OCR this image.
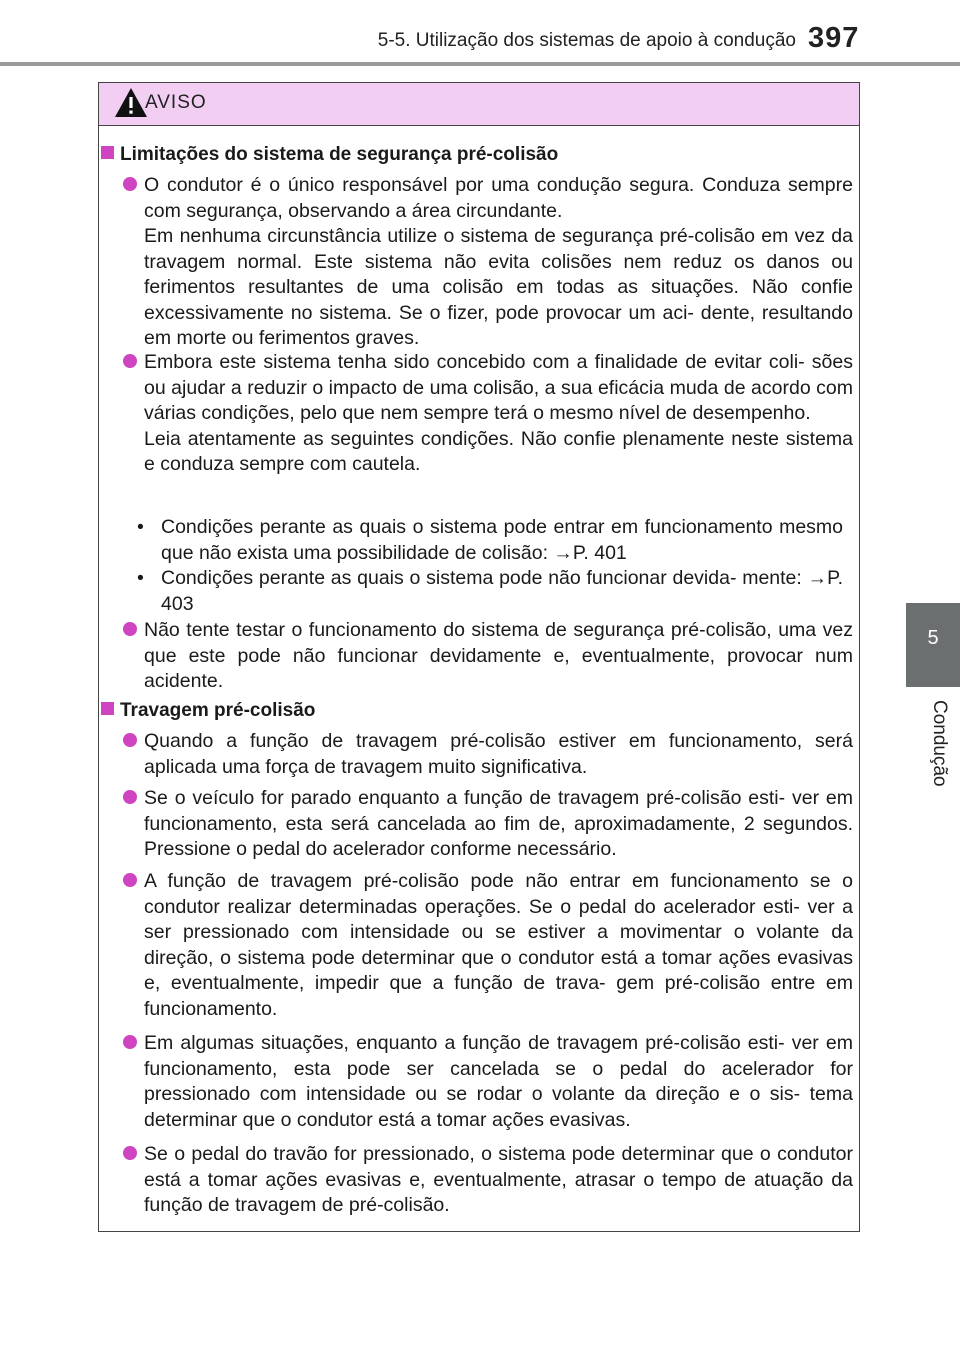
5-5. Utilização dos sistemas de apoio à condução 397
5
Condução
AVISO
Limitações do sistema de segurança pré-colisão

O condutor é o único responsável por uma condução segura. Conduza sempre com segurança, observando a área circundante.

Em nenhuma circunstância utilize o sistema de segurança pré-colisão em vez da travagem normal. Este sistema não evita colisões nem reduz os danos ou ferimentos resultantes de uma colisão em todas as situações. Não confie excessivamente no sistema. Se o fizer, pode provocar um aci- dente, resultando em morte ou ferimentos graves.

Embora este sistema tenha sido concebido com a finalidade de evitar coli- sões ou ajudar a reduzir o impacto de uma colisão, a sua eficácia muda de acordo com várias condições, pelo que nem sempre terá o mesmo nível de desempenho.

Leia atentamente as seguintes condições. Não confie plenamente neste sistema e conduza sempre com cautela.

• Condições perante as quais o sistema pode entrar em funcionamento mesmo que não exista uma possibilidade de colisão: →P. 401
• Condições perante as quais o sistema pode não funcionar devida- mente: →P. 403

Não tente testar o funcionamento do sistema de segurança pré-colisão, uma vez que este pode não funcionar devidamente e, eventualmente, provocar num acidente.

Travagem pré-colisão

Quando a função de travagem pré-colisão estiver em funcionamento, será aplicada uma força de travagem muito significativa.

Se o veículo for parado enquanto a função de travagem pré-colisão esti- ver em funcionamento, esta será cancelada ao fim de, aproximadamente, 2 segundos. Pressione o pedal do acelerador conforme necessário.

A função de travagem pré-colisão pode não entrar em funcionamento se o condutor realizar determinadas operações. Se o pedal do acelerador esti- ver a ser pressionado com intensidade ou se estiver a movimentar o volante da direção, o sistema pode determinar que o condutor está a tomar ações evasivas e, eventualmente, impedir que a função de trava- gem pré-colisão entre em funcionamento.

Em algumas situações, enquanto a função de travagem pré-colisão esti- ver em funcionamento, esta pode ser cancelada se o pedal do acelerador for pressionado com intensidade ou se rodar o volante da direção e o sis- tema determinar que o condutor está a tomar ações evasivas.

Se o pedal do travão for pressionado, o sistema pode determinar que o condutor está a tomar ações evasivas e, eventualmente, atrasar o tempo de atuação da função de travagem de pré-colisão.
